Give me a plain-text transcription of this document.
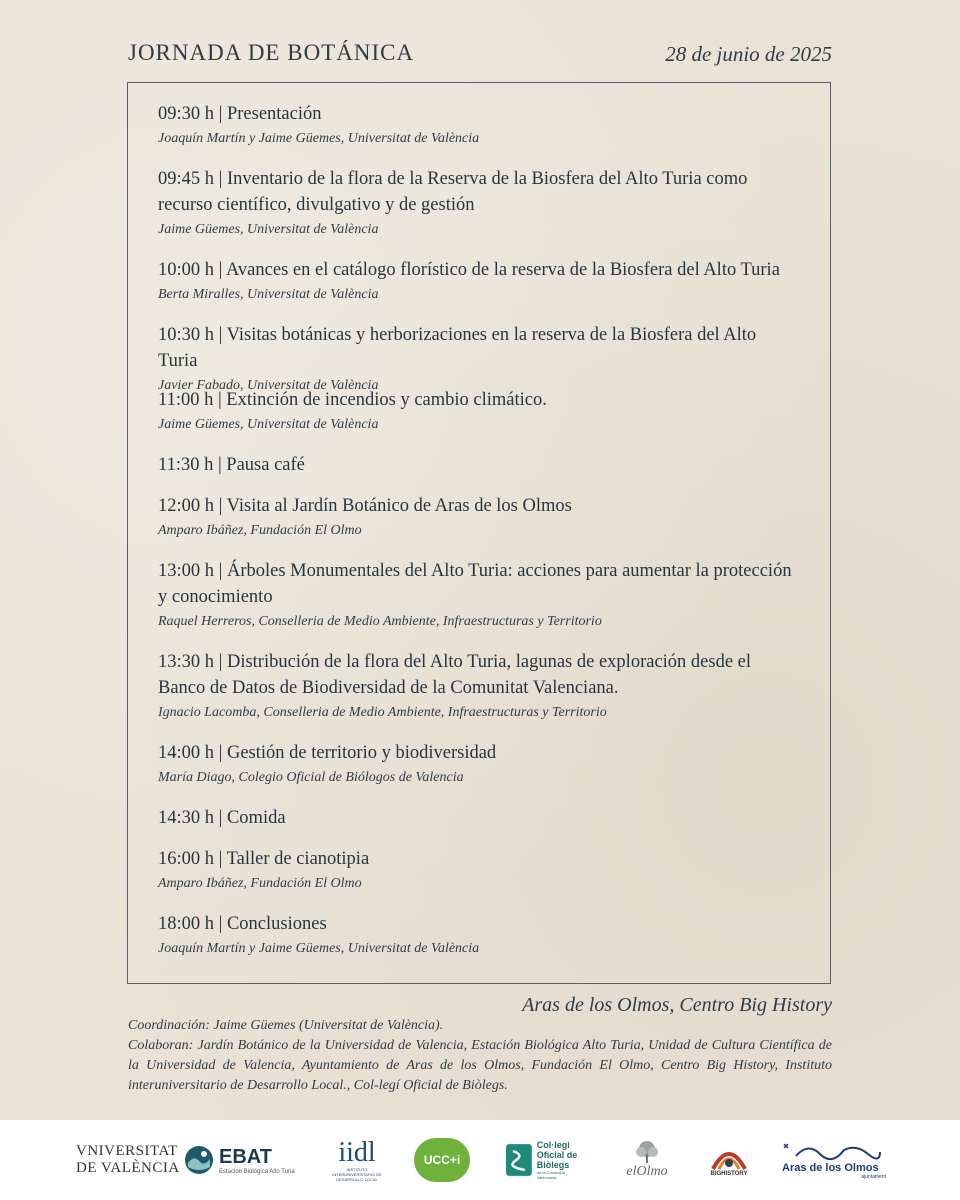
JORNADA DE BOTÁNICA	28 de junio de 2025
09:30 h | Presentación
Joaquín Martín y Jaime Güemes, Universitat de València
09:45 h | Inventario de la flora de la Reserva de la Biosfera del Alto Turia como recurso científico, divulgativo y de gestión
Jaime Güemes, Universitat de València
10:00 h | Avances en el catálogo florístico de la reserva de la Biosfera del Alto Turia
Berta Miralles, Universitat de València
10:30 h | Visitas botánicas y herborizaciones en la reserva de la Biosfera del Alto Turia
Javier Fabado, Universitat de València
11:00 h | Extinción de incendios y cambio climático.
Jaime Güemes, Universitat de València
11:30 h | Pausa café
12:00 h | Visita al Jardín Botánico de Aras de los Olmos
Amparo Ibáñez, Fundación El Olmo
13:00 h | Árboles Monumentales del Alto Turia: acciones para aumentar la protección y conocimiento
Raquel Herreros, Conselleria de Medio Ambiente, Infraestructuras y Territorio
13:30 h | Distribución de la flora del Alto Turia, lagunas de exploración desde el Banco de Datos de Biodiversidad de la Comunitat Valenciana.
Ignacio Lacomba, Conselleria de Medio Ambiente, Infraestructuras y Territorio
14:00 h | Gestión de territorio y biodiversidad
María Diago, Colegio Oficial de Biólogos de Valencia
14:30 h | Comida
16:00 h | Taller de cianotipia
Amparo Ibáñez, Fundación El Olmo
18:00 h | Conclusiones
Joaquín Martín y Jaime Güemes, Universitat de València
Aras de los Olmos, Centro Big History

Coordinación: Jaime Güemes (Universitat de València).

Colaboran: Jardín Botánico de la Universidad de Valencia, Estación Biológica Alto Turia, Unidad de Cultura Científica de la Universidad de Valencia, Ayuntamiento de Aras de los Olmos, Fundación El Olmo, Centro Big History, Instituto interuniversitario de Desarrollo Local., Col-legí Oficial de Biòlegs.

VNIVERSITAT
DE VALÈNCIA
EBAT
Estación Biológica Alto Turia
iidl
INSTITUTO INTERUNIVERSITARIO DE DESARROLLO LOCAL
UCC+i
Col·legi
Oficial de
Biòlegs
de la Comunitat Valenciana	elOlmo	BIGHISTORY	Aras de los Olmos
ajuntament
